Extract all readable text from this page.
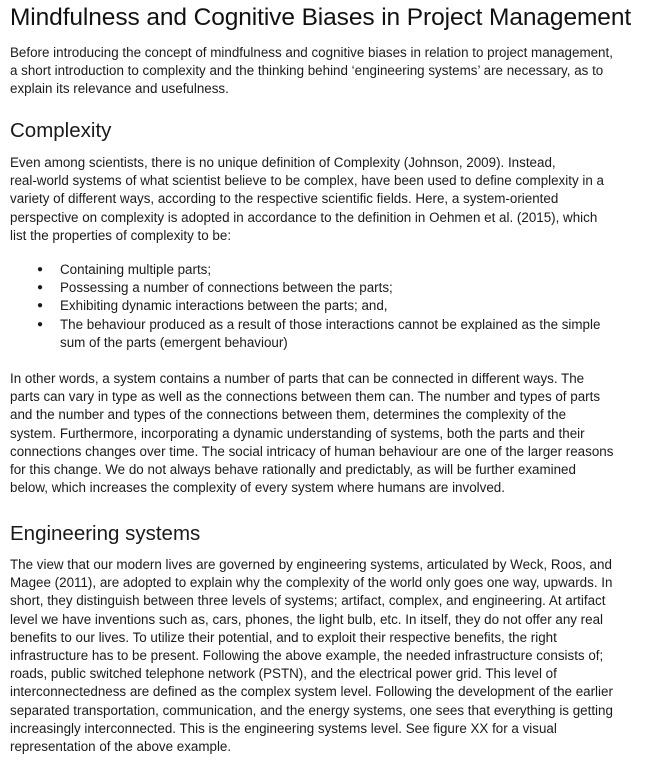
Mindfulness and Cognitive Biases in Project Management

Before introducing the concept of mindfulness and cognitive biases in relation to project management,
a short introduction to complexity and the thinking behind ‘engineering systems’ are necessary, as to
explain its relevance and usefulness.

Complexity

Even among scientists, there is no unique definition of Complexity (Johnson, 2009). Instead,
real-world systems of what scientist believe to be complex, have been used to define complexity in a
variety of different ways, according to the respective scientific fields. Here, a system-oriented
perspective on complexity is adopted in accordance to the definition in Oehmen et al. (2015), which
list the properties of complexity to be:

● Containing multiple parts;
● Possessing a number of connections between the parts;
● Exhibiting dynamic interactions between the parts; and,
● The behaviour produced as a result of those interactions cannot be explained as the simple
sum of the parts (emergent behaviour)

In other words, a system contains a number of parts that can be connected in different ways. The
parts can vary in type as well as the connections between them can. The number and types of parts
and the number and types of the connections between them, determines the complexity of the
system. Furthermore, incorporating a dynamic understanding of systems, both the parts and their
connections changes over time. The social intricacy of human behaviour are one of the larger reasons
for this change. We do not always behave rationally and predictably, as will be further examined
below, which increases the complexity of every system where humans are involved.

Engineering systems

The view that our modern lives are governed by engineering systems, articulated by Weck, Roos, and
Magee (2011), are adopted to explain why the complexity of the world only goes one way, upwards. In
short, they distinguish between three levels of systems; artifact, complex, and engineering. At artifact
level we have inventions such as, cars, phones, the light bulb, etc. In itself, they do not offer any real
benefits to our lives. To utilize their potential, and to exploit their respective benefits, the right
infrastructure has to be present. Following the above example, the needed infrastructure consists of;
roads, public switched telephone network (PSTN), and the electrical power grid. This level of
interconnectedness are defined as the complex system level. Following the development of the earlier
separated transportation, communication, and the energy systems, one sees that everything is getting
increasingly interconnected. This is the engineering systems level. See figure XX for a visual
representation of the above example.
